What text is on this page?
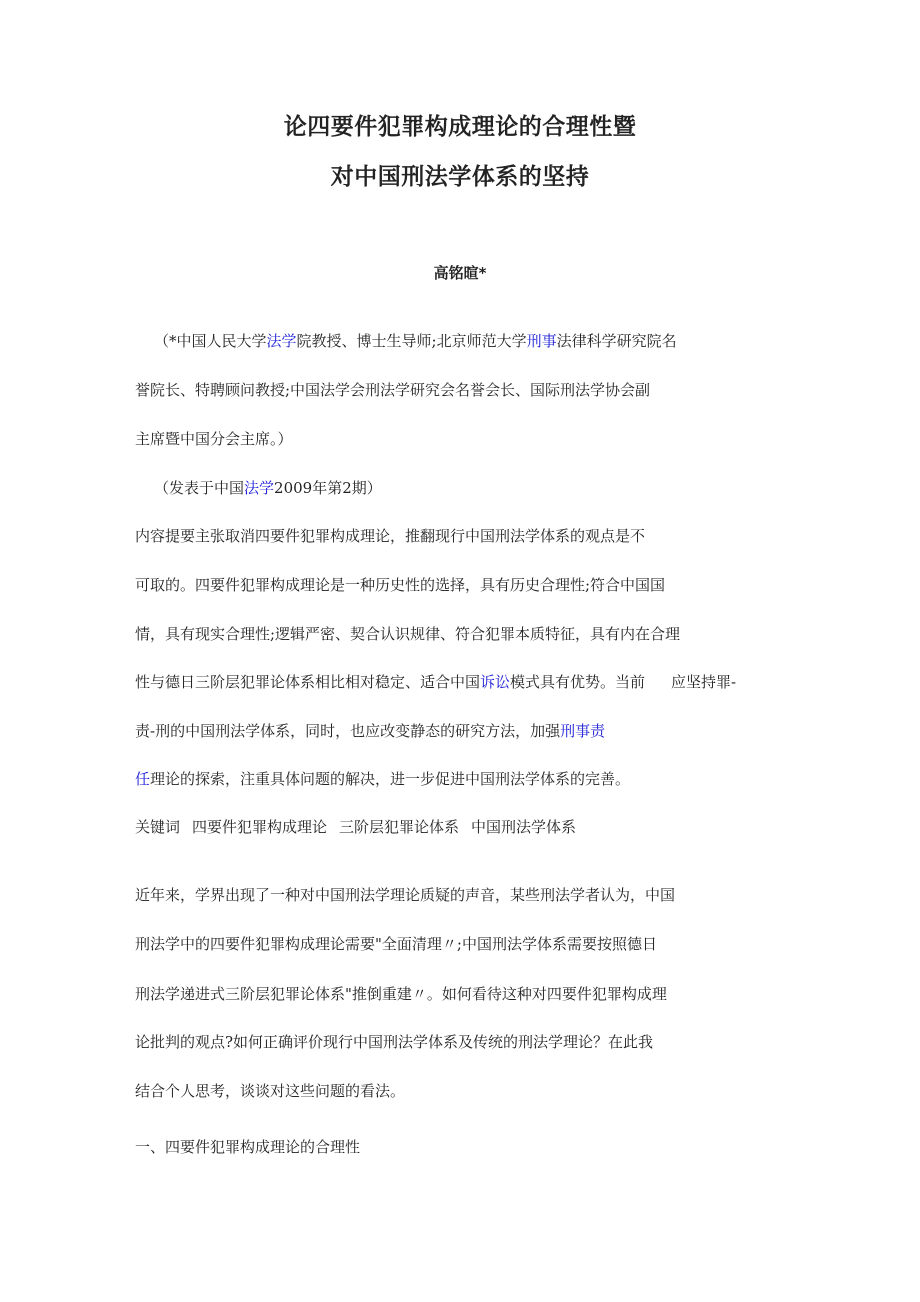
论四要件犯罪构成理论的合理性暨
对中国刑法学体系的坚持
高铭暄*
（*中国人民大学法学院教授、博士生导师;北京师范大学刑事法律科学研究院名
誉院长、特聘顾问教授;中国法学会刑法学研究会名誉会长、国际刑法学协会副
主席暨中国分会主席。）
（发表于中国法学2009年第2期）
内容提要主张取消四要件犯罪构成理论，推翻现行中国刑法学体系的观点是不
可取的。四要件犯罪构成理论是一种历史性的选择，具有历史合理性;符合中国国
情，具有现实合理性;逻辑严密、契合认识规律、符合犯罪本质特征，具有内在合理
性与德日三阶层犯罪论体系相比相对稳定、适合中国诉讼模式具有优势。当前 应坚持罪-
责-刑的中国刑法学体系，同时，也应改变静态的研究方法，加强刑事责
任理论的探索，注重具体问题的解决，进一步促进中国刑法学体系的完善。
关键词 四要件犯罪构成理论 三阶层犯罪论体系 中国刑法学体系
近年来，学界出现了一种对中国刑法学理论质疑的声音，某些刑法学者认为，中国
刑法学中的四要件犯罪构成理论需要"全面清理〃;中国刑法学体系需要按照德日
刑法学递进式三阶层犯罪论体系"推倒重建〃。如何看待这种对四要件犯罪构成理
论批判的观点?如何正确评价现行中国刑法学体系及传统的刑法学理论？在此我
结合个人思考，谈谈对这些问题的看法。
一、四要件犯罪构成理论的合理性
